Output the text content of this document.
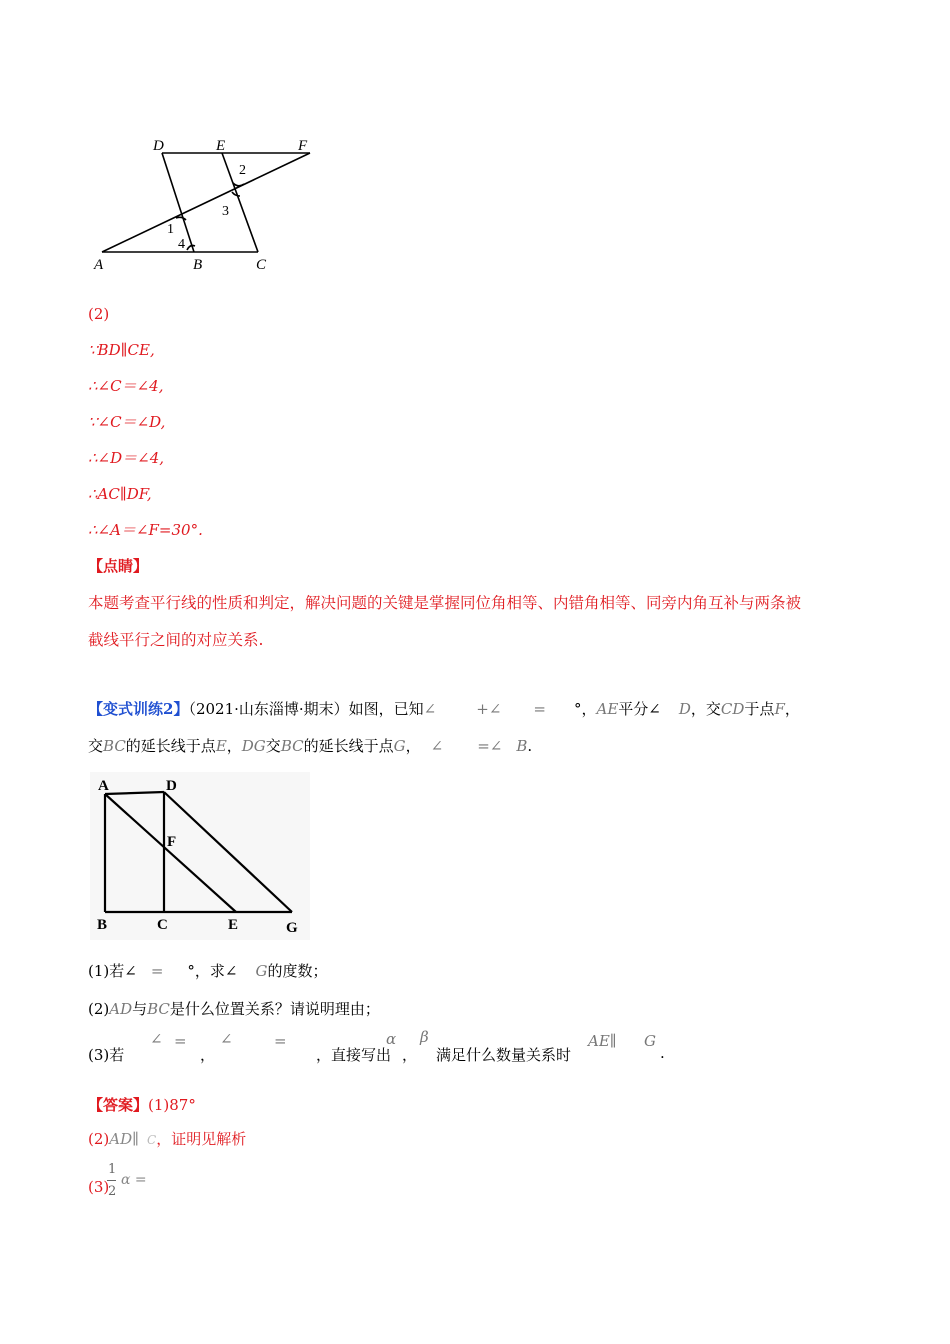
D	E	F
A	B	C
1
2
3
4
(2)
∵BD∥CE,
∴∠C＝∠4,
∵∠C＝∠D,
∴∠D＝∠4,
∴AC∥DF,
∴∠A＝∠F=30°.
【点睛】
本题考查平行线的性质和判定，解决问题的关键是掌握同位角相等、内错角相等、同旁内角互补与两条被
截线平行之间的对应关系.
【变式训练2】（2021·山东淄博·期末）如图，已知∠	+∠ = °，AE平分∠ D，交CD于点F，
交BC的延长线于点E，DG交BC的延长线于点G， ∠ =∠ B.
A	D
F
B	C	E	G
(1)若∠ = °，求∠ G的度数；
(2)AD与BC是什么位置关系？请说明理由；
(3)若
∠ =
，
∠	=
，直接写出
α
，
β
满足什么数量关系时
AE∥ G
.
【答案】(1)87°
(2)AD∥ C，证明见解析
(3)
1
2
α =
